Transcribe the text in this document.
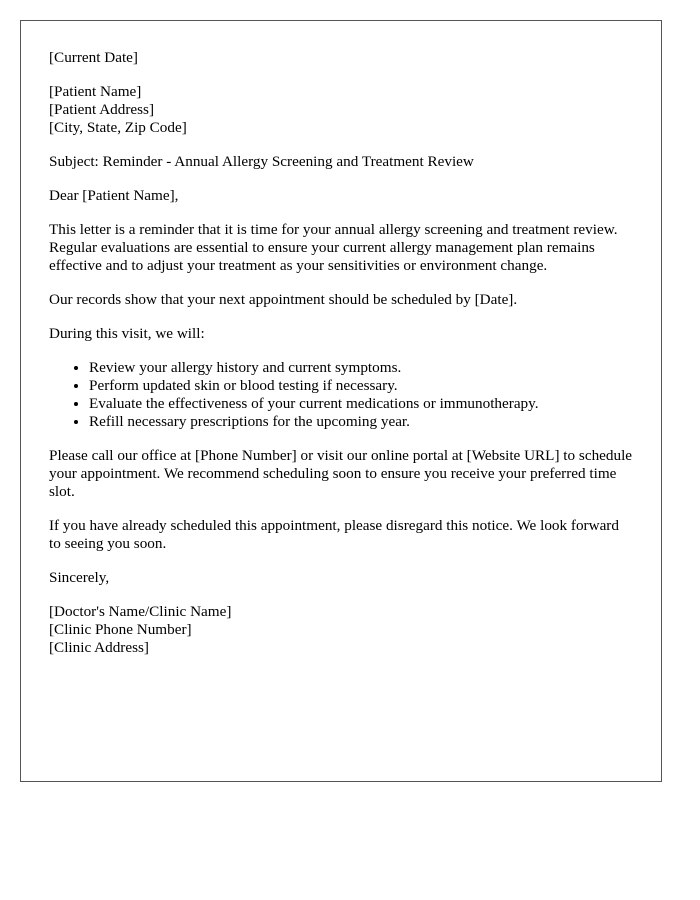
[Current Date]

[Patient Name]
[Patient Address]
[City, State, Zip Code]

Subject: Reminder - Annual Allergy Screening and Treatment Review

Dear [Patient Name],

This letter is a reminder that it is time for your annual allergy screening and treatment review. Regular evaluations are essential to ensure your current allergy management plan remains effective and to adjust your treatment as your sensitivities or environment change.

Our records show that your next appointment should be scheduled by [Date].

During this visit, we will:

• Review your allergy history and current symptoms.
• Perform updated skin or blood testing if necessary.
• Evaluate the effectiveness of your current medications or immunotherapy.
• Refill necessary prescriptions for the upcoming year.

Please call our office at [Phone Number] or visit our online portal at [Website URL] to schedule your appointment. We recommend scheduling soon to ensure you receive your preferred time slot.

If you have already scheduled this appointment, please disregard this notice. We look forward to seeing you soon.

Sincerely,

[Doctor's Name/Clinic Name]
[Clinic Phone Number]
[Clinic Address]
